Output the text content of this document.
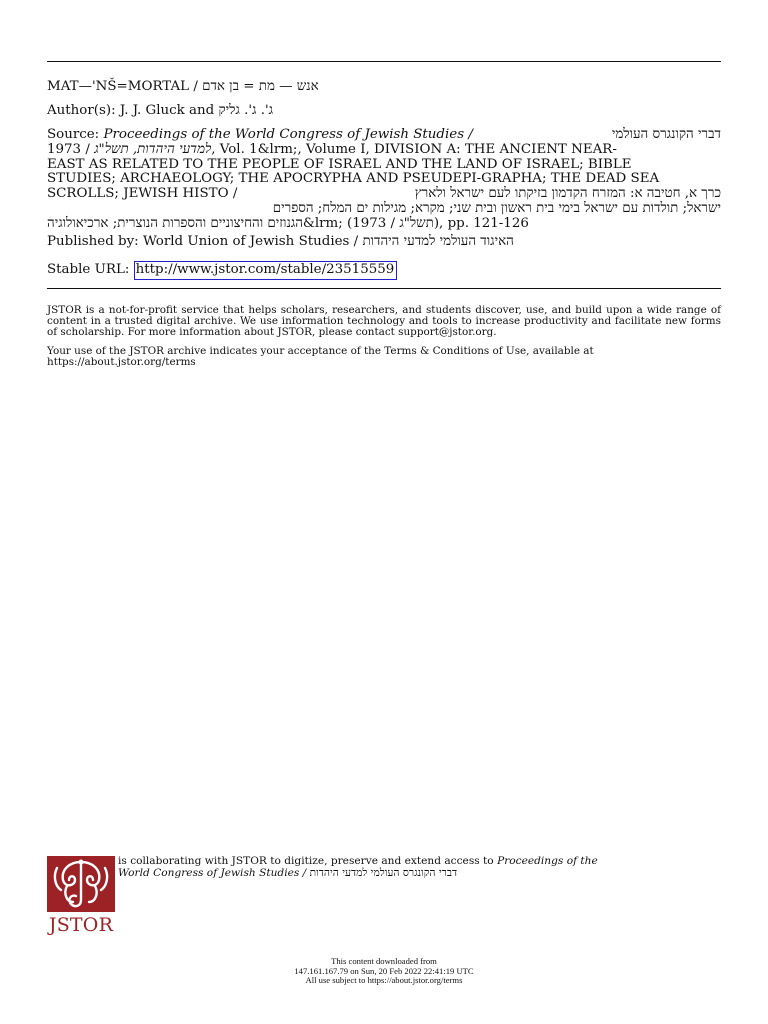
MAT—'NŠ=MORTAL / אנש — מת = בן אדם
Author(s): J. J. Gluck and ג'. ג'. גליק
Source: Proceedings of the World Congress of Jewish Studies /	דברי הקונגרס העולמי
1973 / למדעי היהדות, תשל"ג, Vol. 1&lrm;, Volume I, DIVISION A: THE ANCIENT NEAR-
EAST AS RELATED TO THE PEOPLE OF ISRAEL AND THE LAND OF ISRAEL; BIBLE
STUDIES; ARCHAEOLOGY; THE APOCRYPHA AND PSEUDEPI-GRAPHA; THE DEAD SEA
SCROLLS; JEWISH HISTO /	כרך א, חטיבה א: המזרח הקדמון בזיקתו לעם ישראל ולארץ
ישראל; תולדות עם ישראל בימי בית ראשון ובית שני; מקרא; מגילות ים המלח; הספרים
החיצוניים והספרות הנוצרית; ארכיאולוגיההגנוזים ו&lrm; (1973 / תשל"ג), pp. 121-126
Published by: World Union of Jewish Studies / האיגוד העולמי למדעי היהדות
Stable URL: http://www.jstor.com/stable/23515559
JSTOR is a not-for-profit service that helps scholars, researchers, and students discover, use, and build upon a wide range of content in a trusted digital archive. We use information technology and tools to increase productivity and facilitate new forms of scholarship. For more information about JSTOR, please contact support@jstor.org.
Your use of the JSTOR archive indicates your acceptance of the Terms & Conditions of Use, available at
https://about.jstor.org/terms
JSTOR
is collaborating with JSTOR to digitize, preserve and extend access to Proceedings of the
World Congress of Jewish Studies / דברי הקונגרס העולמי למדעי היהדות
This content downloaded from
147.161.167.79 on Sun, 20 Feb 2022 22:41:19 UTC
All use subject to https://about.jstor.org/terms
